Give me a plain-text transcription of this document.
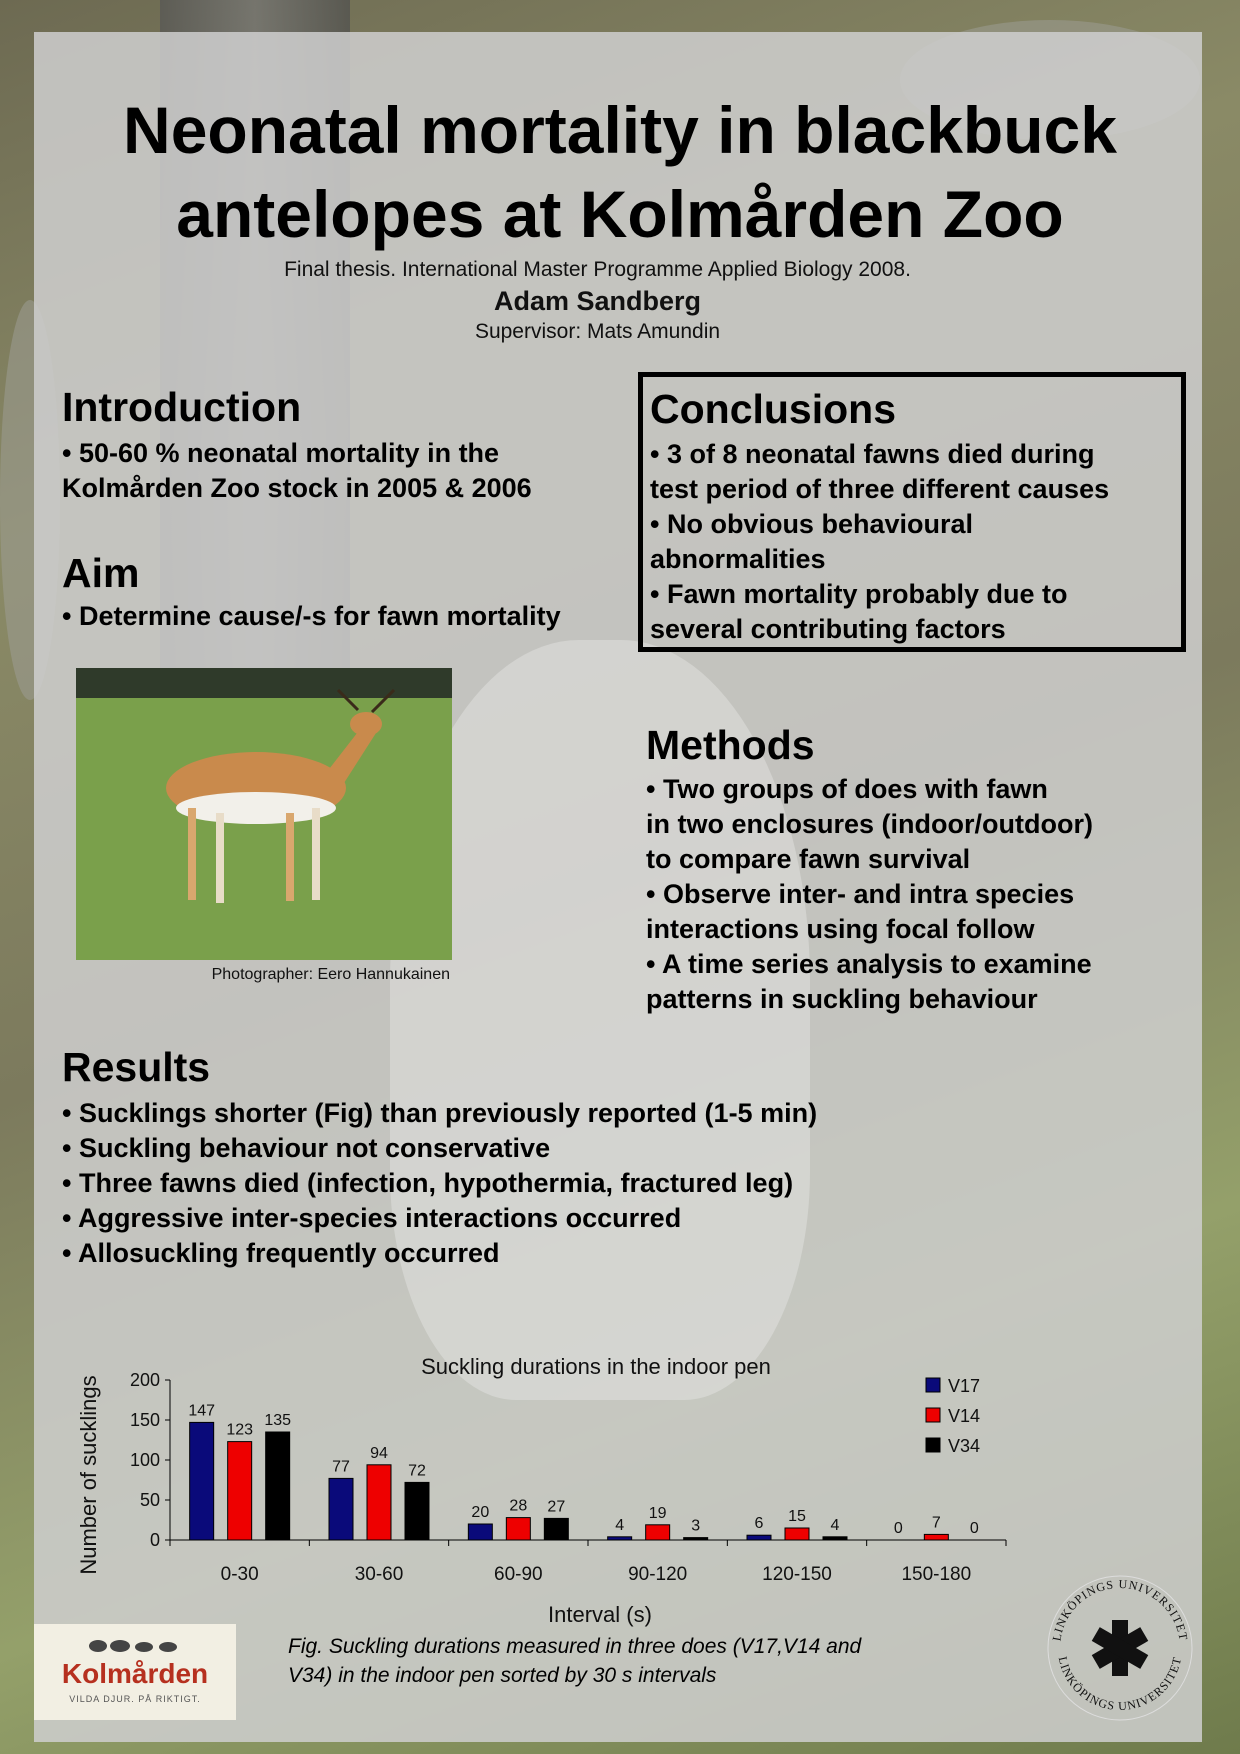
Neonatal mortality in blackbuck
antelopes at Kolmården Zoo
Final thesis. International Master Programme Applied Biology 2008.
Adam Sandberg
Supervisor: Mats Amundin
Introduction
• 50-60 % neonatal mortality in the
Kolmården Zoo stock in 2005 & 2006
Aim
• Determine cause/-s for fawn mortality
Conclusions
• 3 of 8 neonatal fawns died during
test period of three different causes
• No obvious behavioural
abnormalities
• Fawn mortality probably due to
several contributing factors
Photographer: Eero Hannukainen
Methods
• Two groups of does with fawn
in two enclosures (indoor/outdoor)
to compare fawn survival
• Observe inter- and intra species
interactions using focal follow
• A time series analysis to examine
patterns in suckling behaviour
Results
• Sucklings shorter (Fig) than previously reported (1-5 min)
• Suckling behaviour not conservative
• Three fawns died (infection, hypothermia, fractured leg)
• Aggressive inter-species interactions occurred
• Allosuckling frequently occurred
Suckling durations in the indoor pen
Interval (s)
Number of sucklings	0
50
100
150
200
0-30
147
123
135
30-60
77
94
72
60-90
20 28 27
90-120
4
19
3
120-150
6 15
4
150-180
0 7 0
V17
V14
V34
Fig. Suckling durations measured in three does (V17,V14 and
V34) in the indoor pen sorted by 30 s intervals
Kolmården
VILDA DJUR. PÅ RIKTIGT.
LINKÖPINGS UNIVERSITET
LINKÖPINGS UNIVERSITET
